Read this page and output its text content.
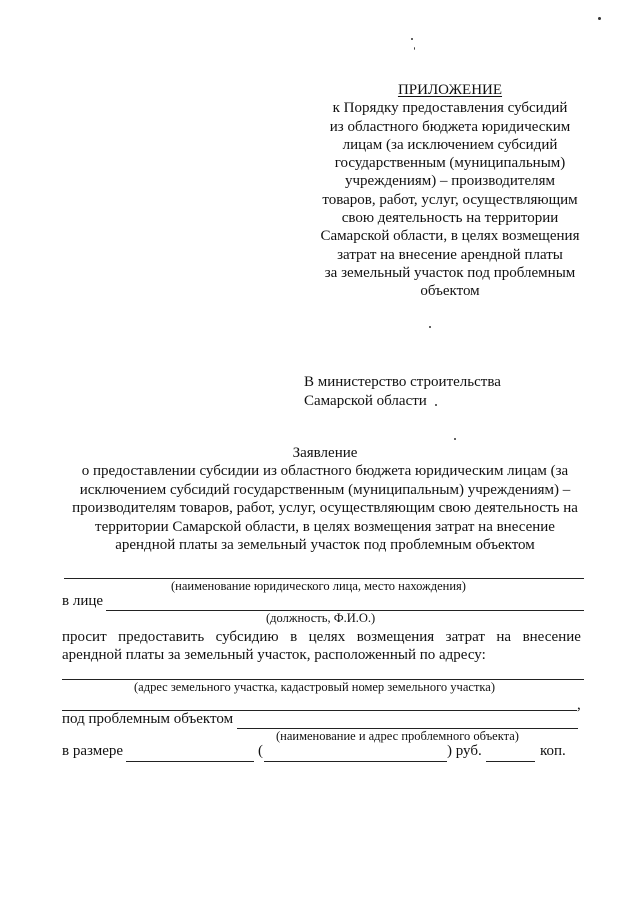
ПРИЛОЖЕНИЕ
к Порядку предоставления субсидий
из областного бюджета юридическим
лицам (за исключением субсидий
государственным (муниципальным)
учреждениям) – производителям
товаров, работ, услуг, осуществляющим
свою деятельность на территории
Самарской области, в целях возмещения
затрат на внесение арендной платы
за земельный участок под проблемным
объектом
В министерство строительства
Самарской области
Заявление
о предоставлении субсидии из областного бюджета юридическим лицам (за
исключением субсидий государственным (муниципальным) учреждениям) –
производителям товаров, работ, услуг, осуществляющим свою деятельность на
территории Самарской области, в целях возмещения затрат на внесение
арендной платы за земельный участок под проблемным объектом
(наименование юридического лица, место нахождения)
в лице
(должность, Ф.И.О.)
просит предоставить субсидию в целях возмещения затрат на внесение
арендной платы за земельный участок, расположенный по адресу:
(адрес земельного участка, кадастровый номер земельного участка)
,
под проблемным объектом
(наименование и адрес проблемного объекта)
в размере	(	) руб.	коп.
